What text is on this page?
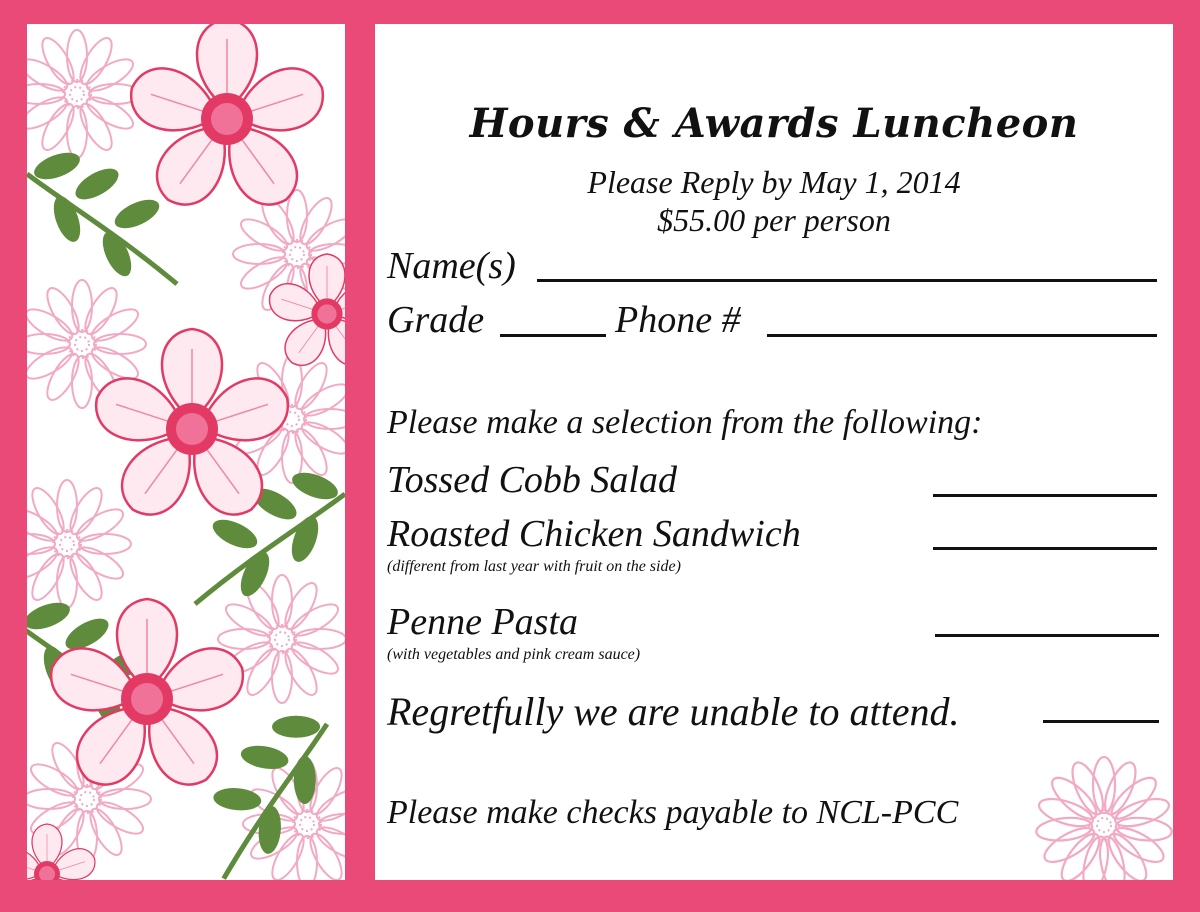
Hours & Awards Luncheon
Please Reply by May 1, 2014
$55.00 per person
Name(s)
Grade	Phone #
Please make a selection from the following:
Tossed Cobb Salad
Roasted Chicken Sandwich
(different from last year with fruit on the side)
Penne Pasta
(with vegetables and pink cream sauce)
Regretfully we are unable to attend.
Please make checks payable to NCL-PCC
